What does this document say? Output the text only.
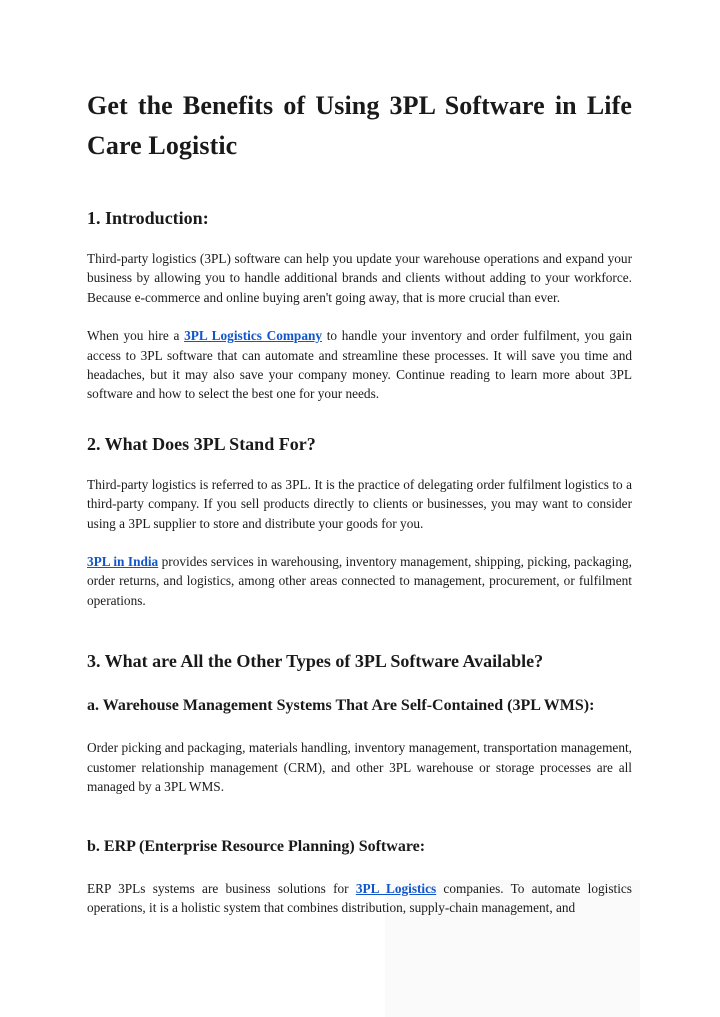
Get the Benefits of Using 3PL Software in Life Care Logistic
1. Introduction:

Third-party logistics (3PL) software can help you update your warehouse operations and expand your business by allowing you to handle additional brands and clients without adding to your workforce. Because e-commerce and online buying aren't going away, that is more crucial than ever.

When you hire a 3PL Logistics Company to handle your inventory and order fulfilment, you gain access to 3PL software that can automate and streamline these processes. It will save you time and headaches, but it may also save your company money. Continue reading to learn more about 3PL software and how to select the best one for your needs.

2. What Does 3PL Stand For?

Third-party logistics is referred to as 3PL. It is the practice of delegating order fulfilment logistics to a third-party company. If you sell products directly to clients or businesses, you may want to consider using a 3PL supplier to store and distribute your goods for you.

3PL in India provides services in warehousing, inventory management, shipping, picking, packaging, order returns, and logistics, among other areas connected to management, procurement, or fulfilment operations.

3. What are All the Other Types of 3PL Software Available?
a. Warehouse Management Systems That Are Self-Contained (3PL WMS):

Order picking and packaging, materials handling, inventory management, transportation management, customer relationship management (CRM), and other 3PL warehouse or storage processes are all managed by a 3PL WMS.

b. ERP (Enterprise Resource Planning) Software:

ERP 3PLs systems are business solutions for 3PL Logistics companies. To automate logistics operations, it is a holistic system that combines distribution, supply-chain management, and
